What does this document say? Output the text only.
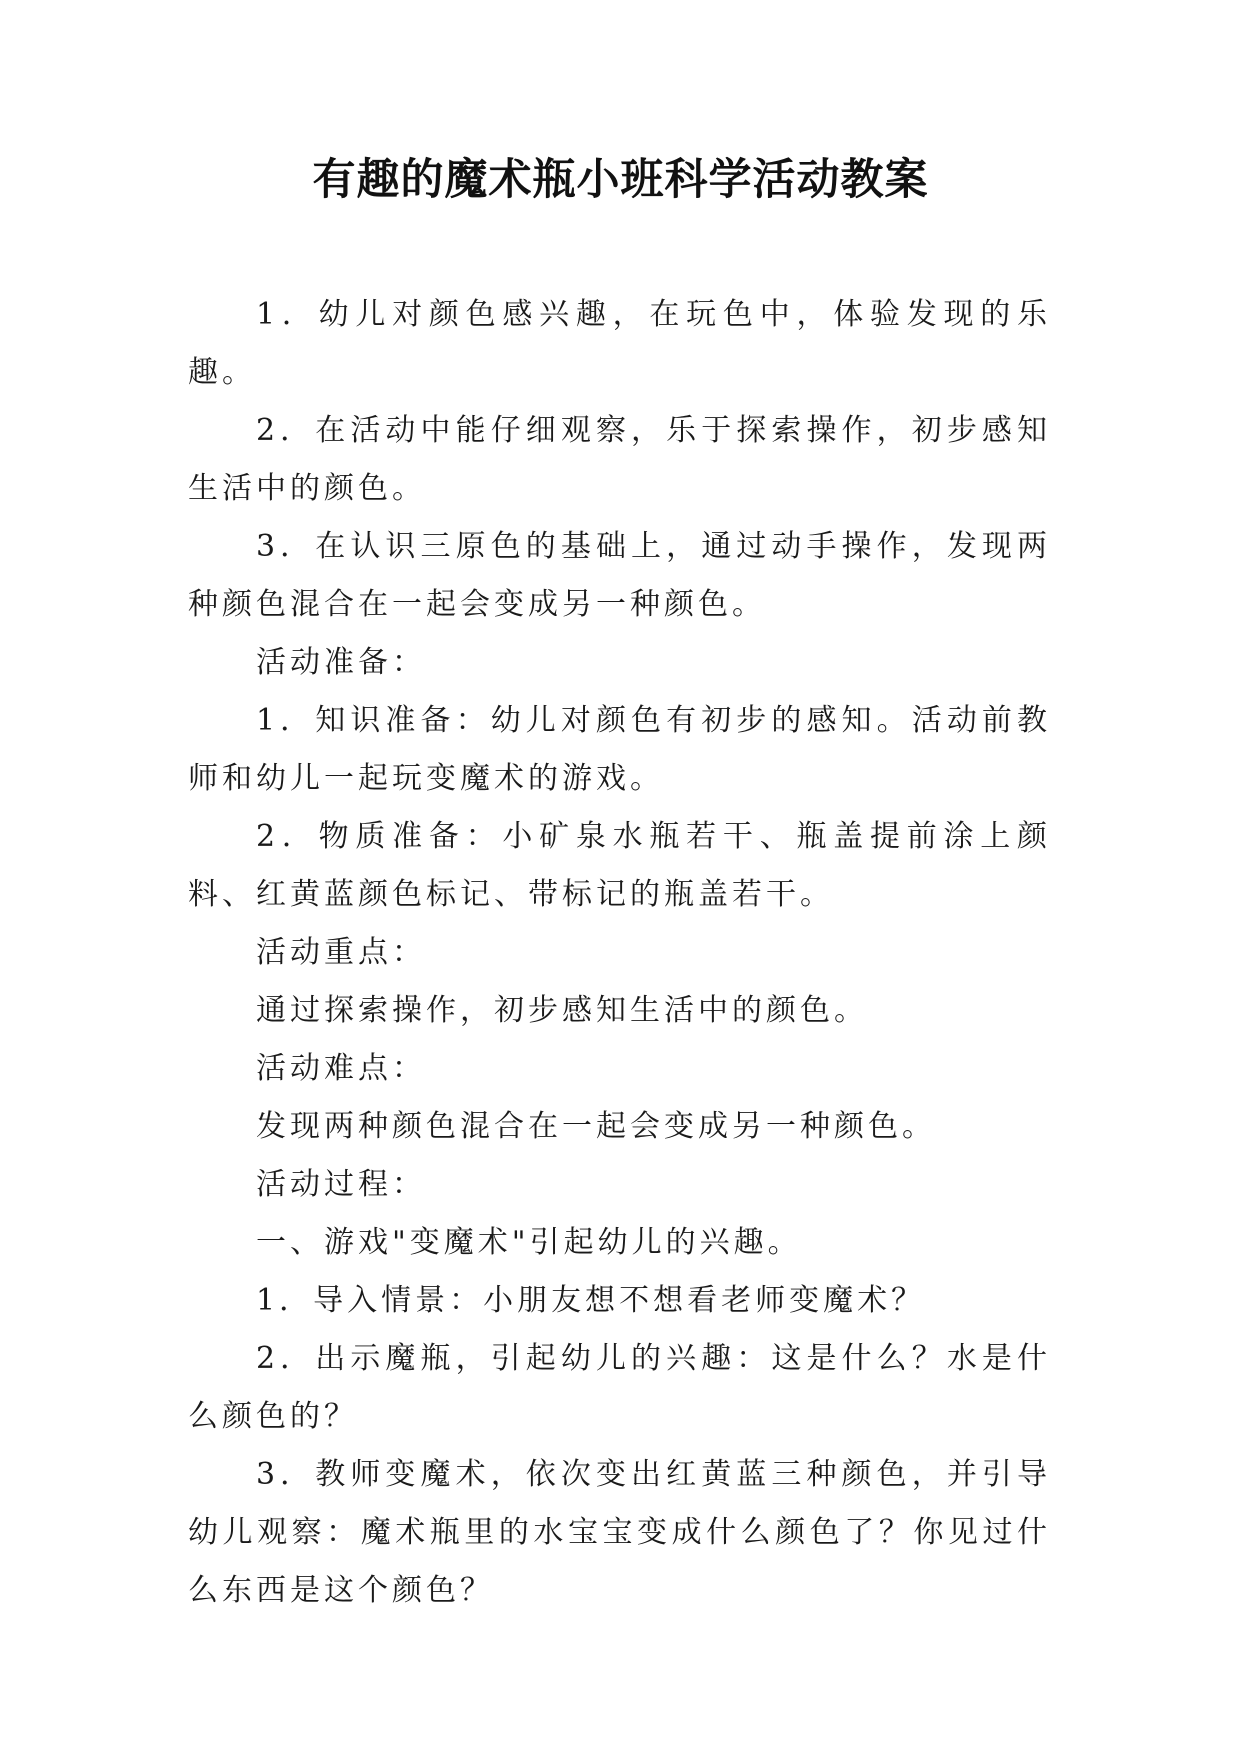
有趣的魔术瓶小班科学活动教案

1．幼儿对颜色感兴趣，在玩色中，体验发现的乐趣。

2．在活动中能仔细观察，乐于探索操作，初步感知生活中的颜色。

3．在认识三原色的基础上，通过动手操作，发现两种颜色混合在一起会变成另一种颜色。

活动准备：

1．知识准备：幼儿对颜色有初步的感知。活动前教师和幼儿一起玩变魔术的游戏。

2．物质准备：小矿泉水瓶若干、瓶盖提前涂上颜料、红黄蓝颜色标记、带标记的瓶盖若干。

活动重点：

通过探索操作，初步感知生活中的颜色。

活动难点：

发现两种颜色混合在一起会变成另一种颜色。

活动过程：

一、游戏"变魔术"引起幼儿的兴趣。

1．导入情景：小朋友想不想看老师变魔术？

2．出示魔瓶，引起幼儿的兴趣：这是什么？水是什么颜色的？

3．教师变魔术，依次变出红黄蓝三种颜色，并引导幼儿观察：魔术瓶里的水宝宝变成什么颜色了？你见过什么东西是这个颜色？
